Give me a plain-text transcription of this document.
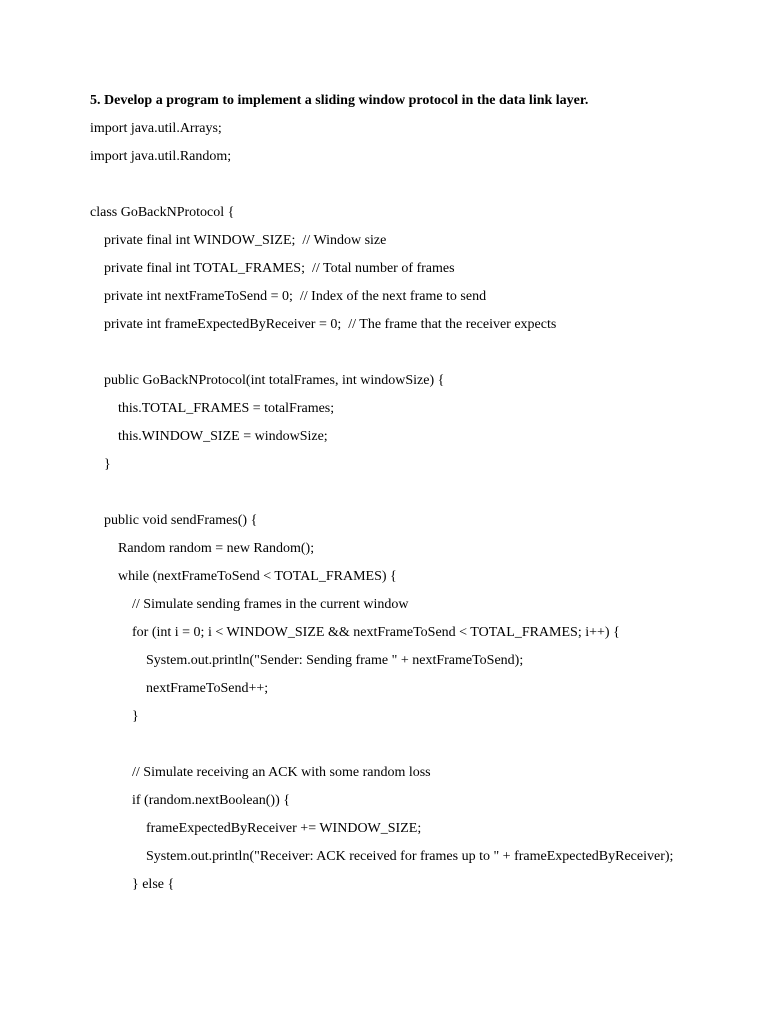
5. Develop a program to implement a sliding window protocol in the data link layer.
import java.util.Arrays;
import java.util.Random;
class GoBackNProtocol {
private final int WINDOW_SIZE;  // Window size
private final int TOTAL_FRAMES;  // Total number of frames
private int nextFrameToSend = 0;  // Index of the next frame to send
private int frameExpectedByReceiver = 0;  // The frame that the receiver expects
public GoBackNProtocol(int totalFrames, int windowSize) {
this.TOTAL_FRAMES = totalFrames;
this.WINDOW_SIZE = windowSize;
}
public void sendFrames() {
Random random = new Random();
while (nextFrameToSend < TOTAL_FRAMES) {
// Simulate sending frames in the current window
for (int i = 0; i < WINDOW_SIZE && nextFrameToSend < TOTAL_FRAMES; i++) {
System.out.println("Sender: Sending frame " + nextFrameToSend);
nextFrameToSend++;
}
// Simulate receiving an ACK with some random loss
if (random.nextBoolean()) {
frameExpectedByReceiver += WINDOW_SIZE;
System.out.println("Receiver: ACK received for frames up to " + frameExpectedByReceiver);
} else {
